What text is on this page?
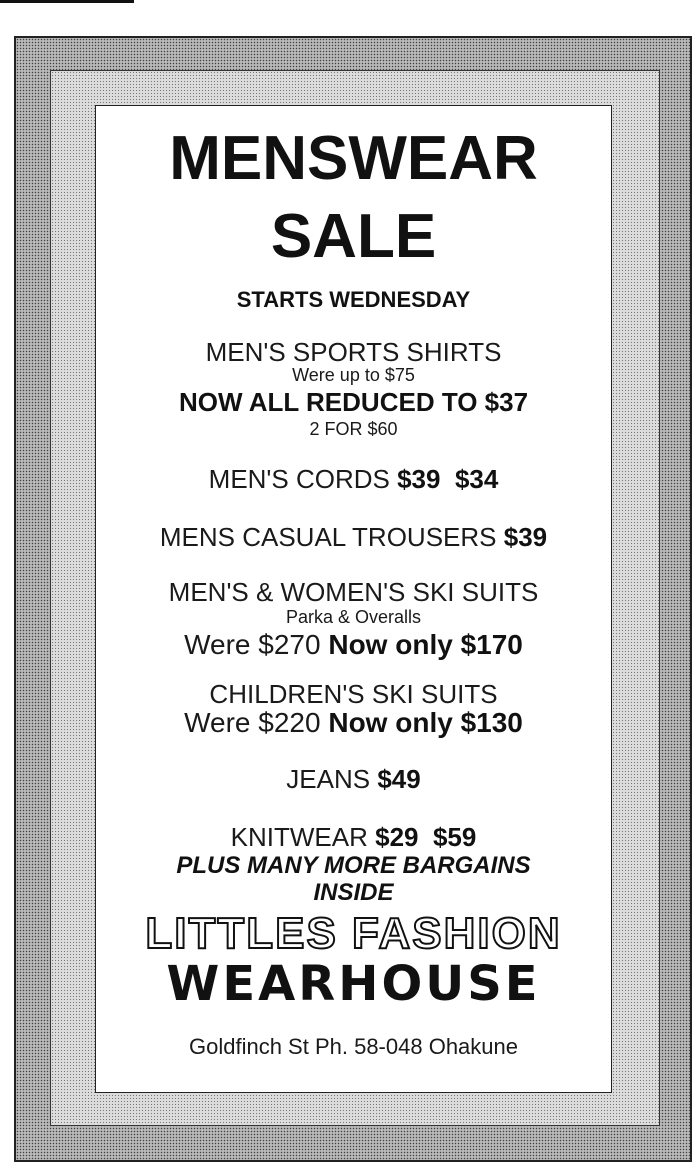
MENSWEAR
SALE
STARTS WEDNESDAY
MEN'S SPORTS SHIRTS
Were up to $75
NOW ALL REDUCED TO $37
2 FOR $60
MEN'S CORDS $39 $34
MENS CASUAL TROUSERS $39
MEN'S & WOMEN'S SKI SUITS
Parka & Overalls
Were $270 Now only $170
CHILDREN'S SKI SUITS
Were $220 Now only $130
JEANS $49
KNITWEAR $29 $59
PLUS MANY MORE BARGAINS
INSIDE
LITTLES FASHION
WEARHOUSE
Goldfinch St Ph. 58-048 Ohakune
